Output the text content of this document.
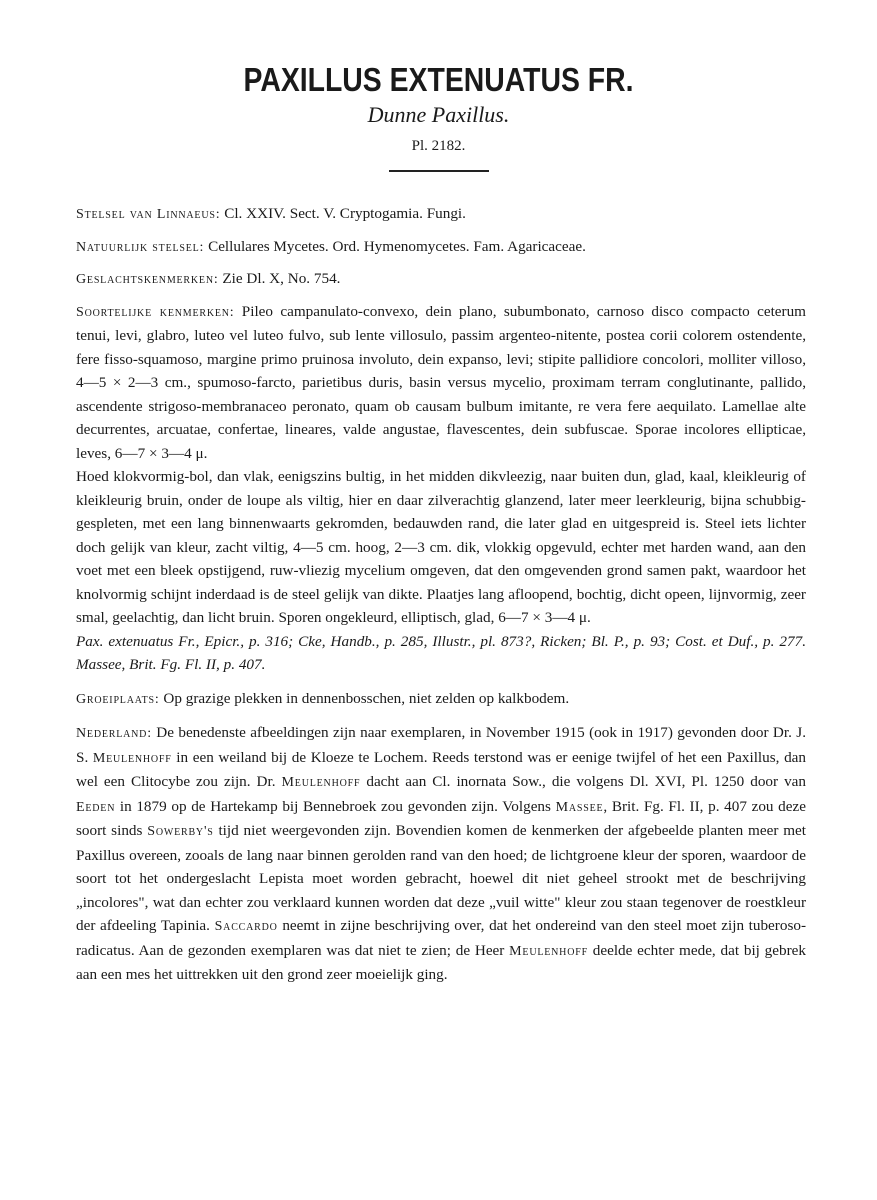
PAXILLUS EXTENUATUS FR.
Dunne Paxillus.
Pl. 2182.

Stelsel van Linnaeus: Cl. XXIV. Sect. V. Cryptogamia. Fungi.

Natuurlijk stelsel: Cellulares Mycetes. Ord. Hymenomycetes. Fam. Agaricaceae.

Geslachtskenmerken: Zie Dl. X, No. 754.

Soortelijke kenmerken: Pileo campanulato-convexo, dein plano, subumbonato, carnoso disco compacto ceterum tenui, levi, glabro, luteo vel luteo fulvo, sub lente villosulo, passim argenteo-nitente, postea corii colorem ostendente, fere fisso-squamoso, margine primo pruinosa involuto, dein expanso, levi; stipite pallidiore concolori, molliter villoso, 4—5 × 2—3 cm., spumoso-farcto, parietibus duris, basin versus mycelio, proximam terram conglutinante, pallido, ascendente strigoso-membranaceo peronato, quam ob causam bulbum imitante, re vera fere aequilato. Lamellae alte decurrentes, arcuatae, confertae, lineares, valde angustae, flavescentes, dein subfuscae. Sporae incolores ellipticae, leves, 6—7 × 3—4 μ.

Hoed klokvormig-bol, dan vlak, eenigszins bultig, in het midden dikvleezig, naar buiten dun, glad, kaal, kleikleurig of kleikleurig bruin, onder de loupe als viltig, hier en daar zilverachtig glanzend, later meer leerkleurig, bijna schubbig-gespleten, met een lang binnenwaarts gekromden, bedauwden rand, die later glad en uitgespreid is. Steel iets lichter doch gelijk van kleur, zacht viltig, 4—5 cm. hoog, 2—3 cm. dik, vlokkig opgevuld, echter met harden wand, aan den voet met een bleek opstijgend, ruw-vliezig mycelium omgeven, dat den omgevenden grond samen pakt, waardoor het knolvormig schijnt inderdaad is de steel gelijk van dikte. Plaatjes lang afloopend, bochtig, dicht opeen, lijnvormig, zeer smal, geelachtig, dan licht bruin. Sporen ongekleurd, elliptisch, glad, 6—7 × 3—4 μ.

Pax. extenuatus Fr., Epicr., p. 316; Cke, Handb., p. 285, Illustr., pl. 873?, Ricken; Bl. P., p. 93; Cost. et Duf., p. 277. Massee, Brit. Fg. Fl. II, p. 407.

Groeiplaats: Op grazige plekken in dennenbosschen, niet zelden op kalkbodem.

Nederland: De benedenste afbeeldingen zijn naar exemplaren, in November 1915 (ook in 1917) gevonden door Dr. J. S. Meulenhoff in een weiland bij de Kloeze te Lochem. Reeds terstond was er eenige twijfel of het een Paxillus, dan wel een Clitocybe zou zijn. Dr. Meulenhoff dacht aan Cl. inornata Sow., die volgens Dl. XVI, Pl. 1250 door van Eeden in 1879 op de Hartekamp bij Bennebroek zou gevonden zijn. Volgens Massee, Brit. Fg. Fl. II, p. 407 zou deze soort sinds Sowerby's tijd niet weergevonden zijn. Bovendien komen de kenmerken der afgebeelde planten meer met Paxillus overeen, zooals de lang naar binnen gerolden rand van den hoed; de lichtgroene kleur der sporen, waardoor de soort tot het ondergeslacht Lepista moet worden gebracht, hoewel dit niet geheel strookt met de beschrijving „incolores", wat dan echter zou verklaard kunnen worden dat deze „vuil witte" kleur zou staan tegenover de roestkleur der afdeeling Tapinia. Saccardo neemt in zijne beschrijving over, dat het ondereind van den steel moet zijn tuberoso-radicatus. Aan de gezonden exemplaren was dat niet te zien; de Heer Meulenhoff deelde echter mede, dat bij gebrek aan een mes het uittrekken uit den grond zeer moeielijk ging.
